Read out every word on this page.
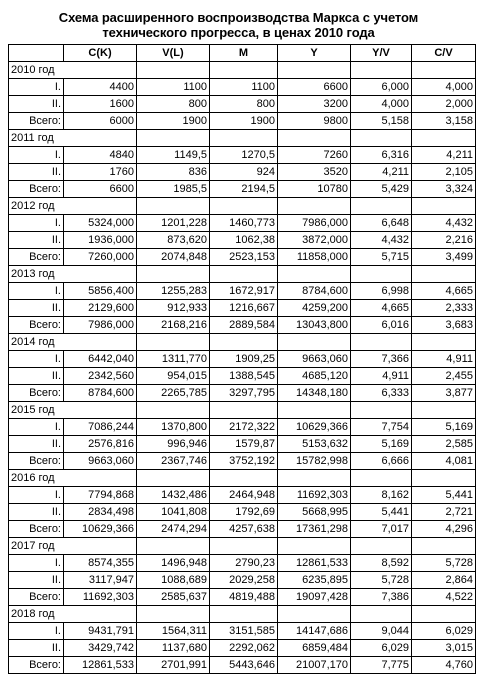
Схема расширенного воспроизводства Маркса с учетом
технического прогресса, в ценах 2010 года
	C(K)	V(L)	M	Y	Y/V	C/V
2010 год						
I.	4400	1100	1100	6600	6,000	4,000
II.	1600	800	800	3200	4,000	2,000
Всего:	6000	1900	1900	9800	5,158	3,158
2011 год						
I.	4840	1149,5	1270,5	7260	6,316	4,211
II.	1760	836	924	3520	4,211	2,105
Всего:	6600	1985,5	2194,5	10780	5,429	3,324
2012 год						
I.	5324,000	1201,228	1460,773	7986,000	6,648	4,432
II.	1936,000	873,620	1062,38	3872,000	4,432	2,216
Всего:	7260,000	2074,848	2523,153	11858,000	5,715	3,499
2013 год						
I.	5856,400	1255,283	1672,917	8784,600	6,998	4,665
II.	2129,600	912,933	1216,667	4259,200	4,665	2,333
Всего:	7986,000	2168,216	2889,584	13043,800	6,016	3,683
2014 год						
I.	6442,040	1311,770	1909,25	9663,060	7,366	4,911
II.	2342,560	954,015	1388,545	4685,120	4,911	2,455
Всего:	8784,600	2265,785	3297,795	14348,180	6,333	3,877
2015 год						
I.	7086,244	1370,800	2172,322	10629,366	7,754	5,169
II.	2576,816	996,946	1579,87	5153,632	5,169	2,585
Всего:	9663,060	2367,746	3752,192	15782,998	6,666	4,081
2016 год						
I.	7794,868	1432,486	2464,948	11692,303	8,162	5,441
II.	2834,498	1041,808	1792,69	5668,995	5,441	2,721
Всего:	10629,366	2474,294	4257,638	17361,298	7,017	4,296
2017 год						
I.	8574,355	1496,948	2790,23	12861,533	8,592	5,728
II.	3117,947	1088,689	2029,258	6235,895	5,728	2,864
Всего:	11692,303	2585,637	4819,488	19097,428	7,386	4,522
2018 год						
I.	9431,791	1564,311	3151,585	14147,686	9,044	6,029
II.	3429,742	1137,680	2292,062	6859,484	6,029	3,015
Всего:	12861,533	2701,991	5443,646	21007,170	7,775	4,760
